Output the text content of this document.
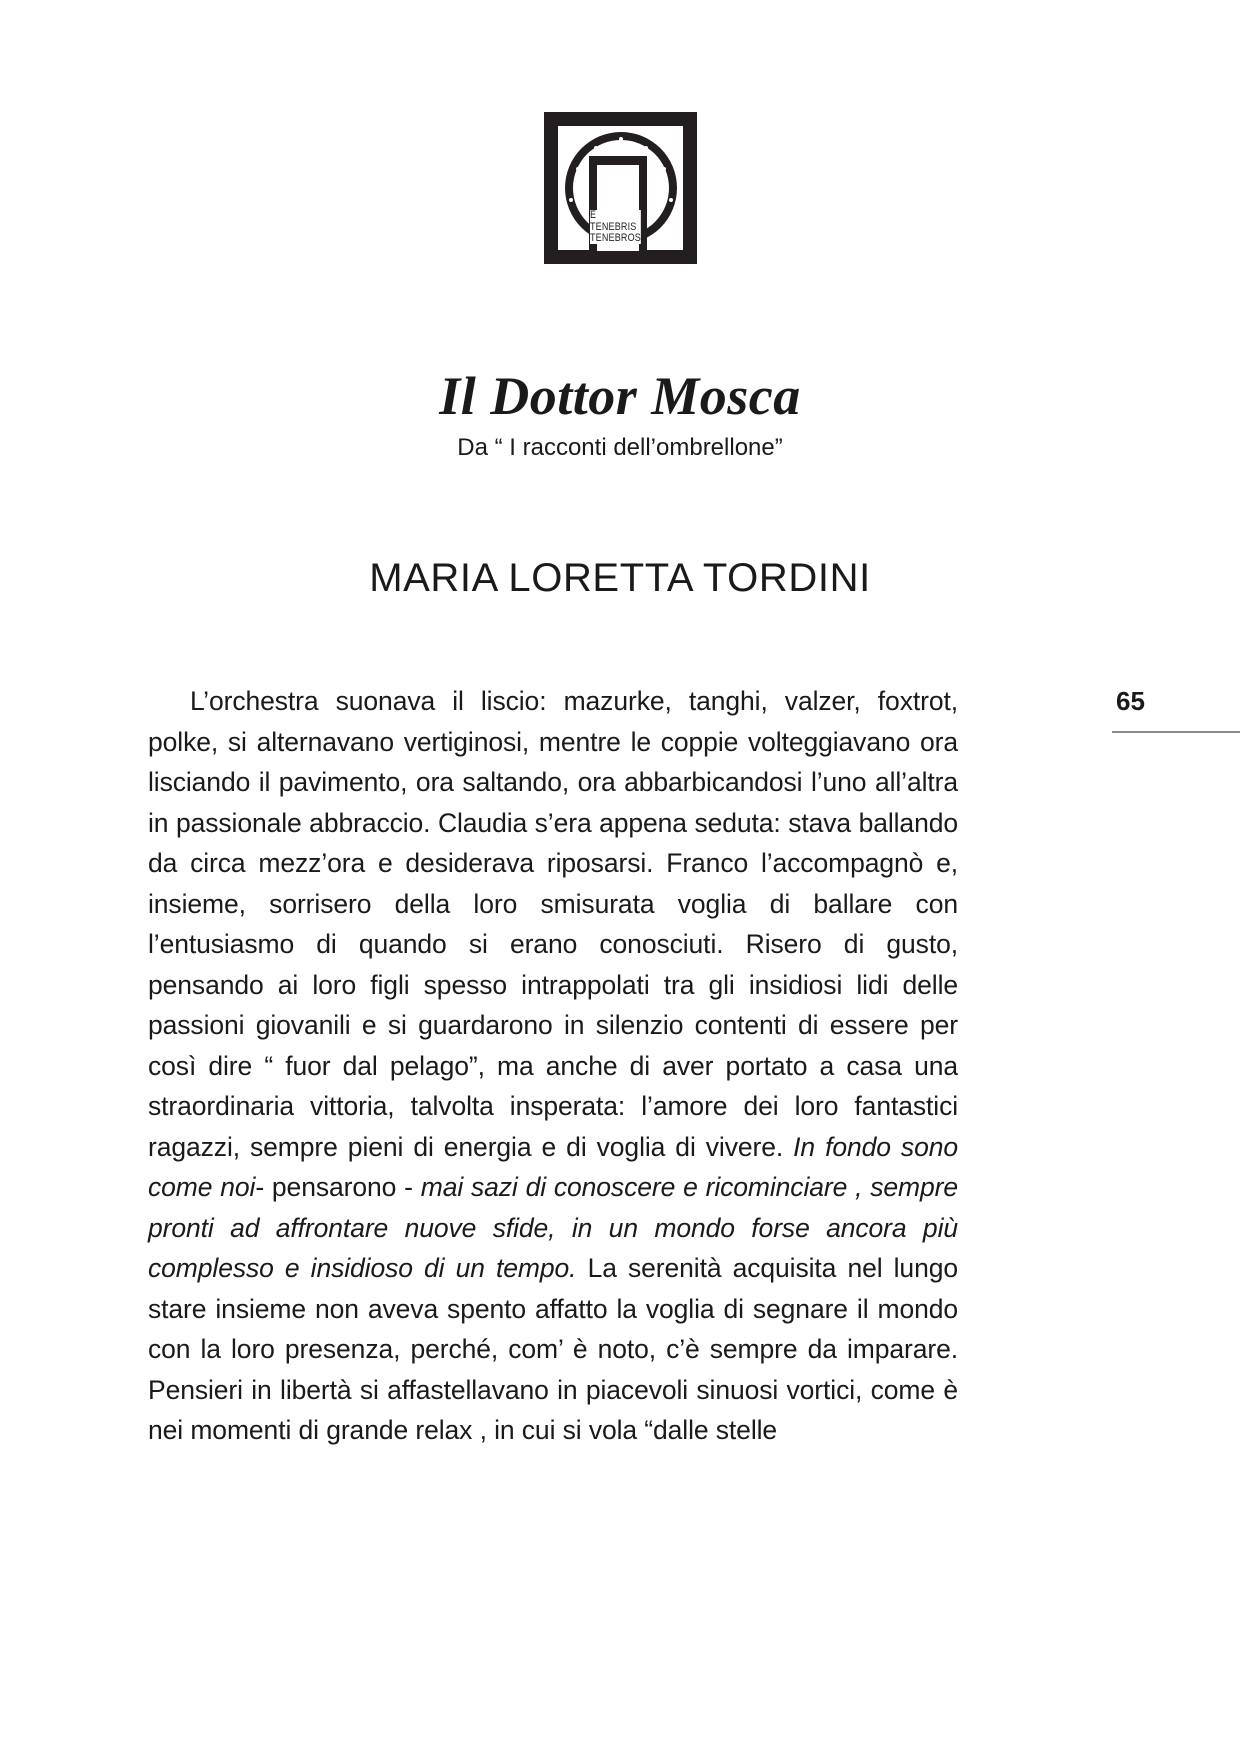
E TENEBRIS
TENEBROSI
Il Dottor Mosca
Da “ I racconti dell’ombrellone”
MARIA LORETTA TORDINI
65

L’orchestra suonava il liscio: mazurke, tanghi, valzer, foxtrot, polke, si alternavano vertiginosi, mentre le coppie volteggiavano ora lisciando il pavimento, ora saltando, ora abbarbicandosi l’uno all’altra in passionale abbraccio. Claudia s’era appena seduta: stava ballando da circa mezz’ora e desiderava riposarsi. Franco l’accompagnò e, insieme, sorrisero della loro smisurata voglia di ballare con l’entusiasmo di quando si erano conosciuti. Risero di gusto, pensando ai loro figli spesso intrappolati tra gli insidiosi lidi delle passioni giovanili e si guardarono in silenzio contenti di essere per così dire “ fuor dal pelago”, ma anche di aver portato a casa una straordinaria vittoria, talvolta insperata: l’amore dei loro fantastici ragazzi, sempre pieni di energia e di voglia di vivere. In fondo sono come noi- pensarono - mai sazi di conoscere e ricominciare , sempre pronti ad affrontare nuove sfide, in un mondo forse ancora più complesso e insidioso di un tempo. La serenità acquisita nel lungo stare insieme non aveva spento affatto la voglia di segnare il mondo con la loro presenza, perché, com’ è noto, c’è sempre da imparare. Pensieri in libertà si affastellavano in piacevoli sinuosi vortici, come è nei momenti di grande relax , in cui si vola “dalle stelle
